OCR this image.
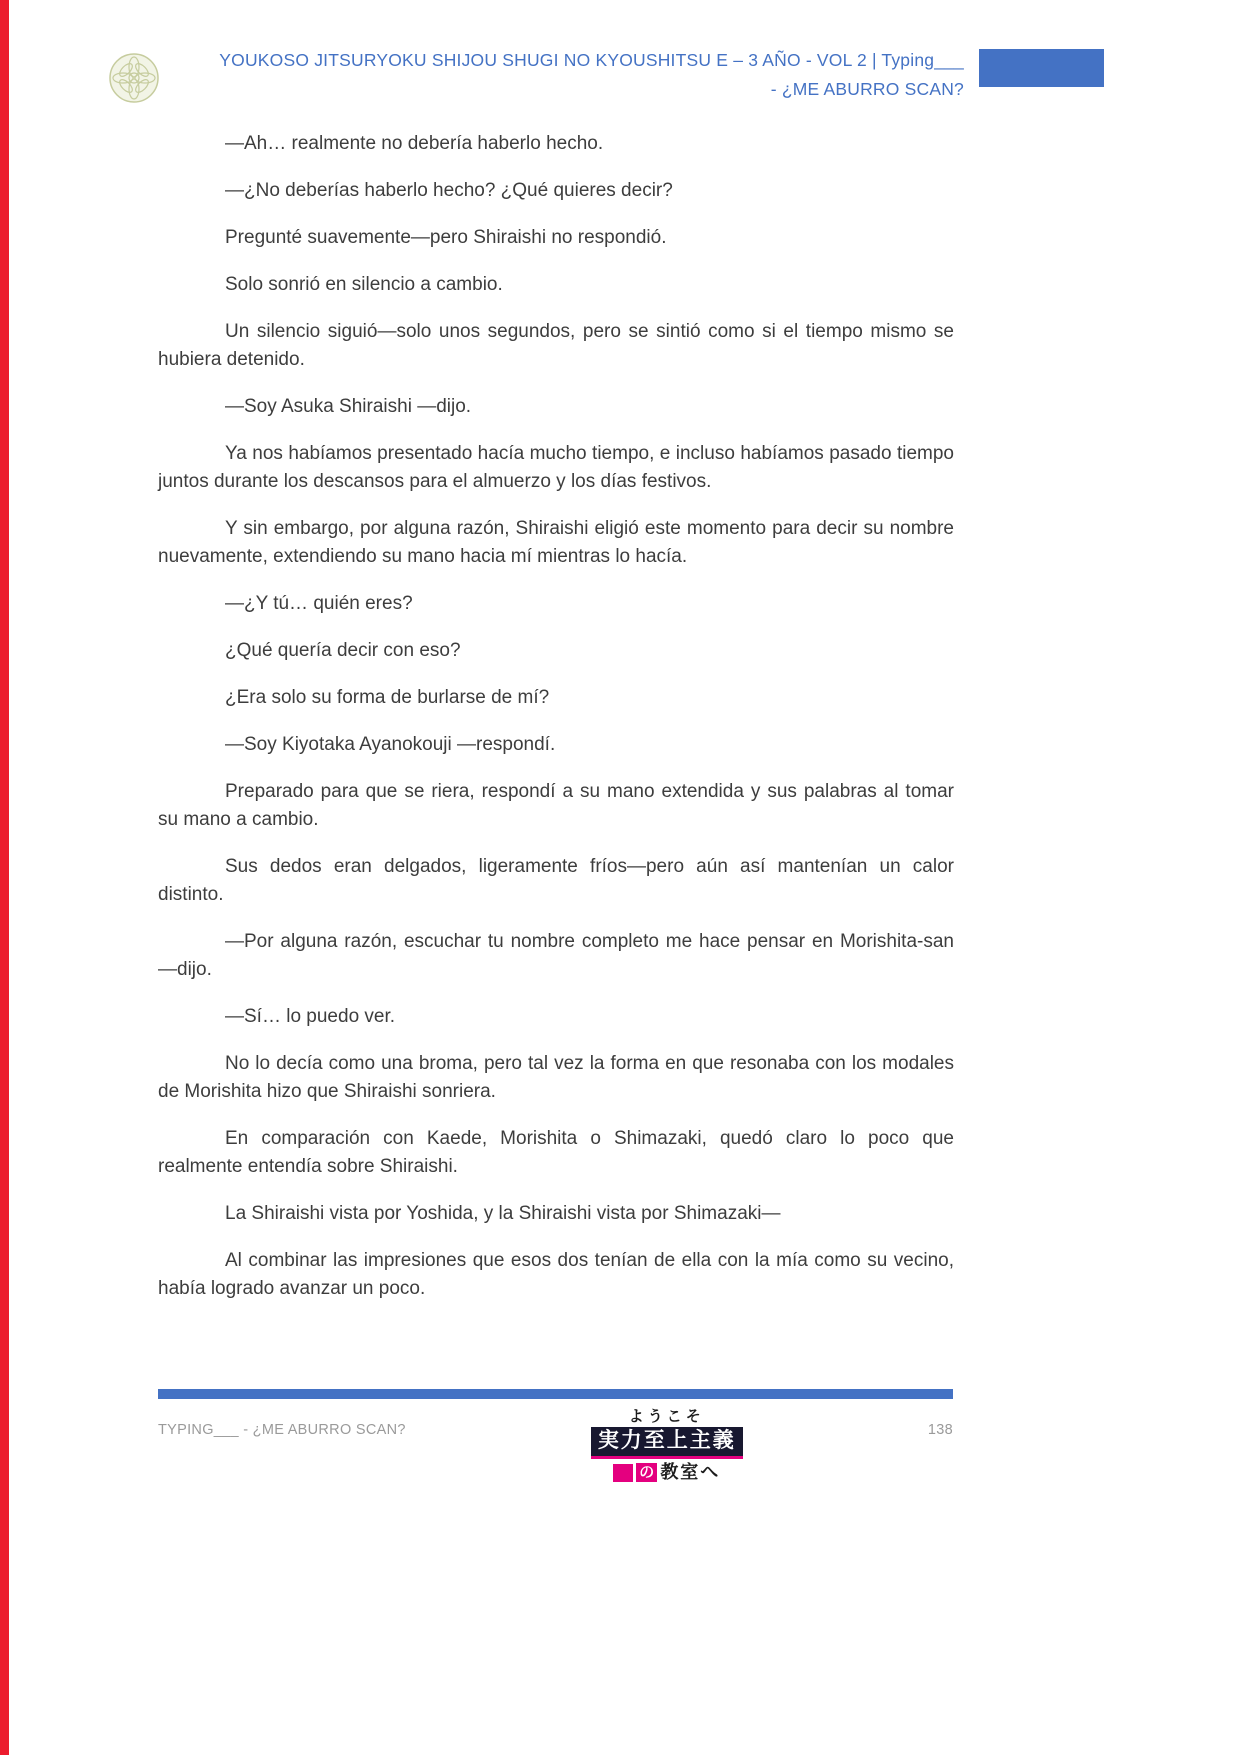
YOUKOSO JITSURYOKU SHIJOU SHUGI NO KYOUSHITSU E – 3 AÑO - VOL 2 | Typing___ - ¿ME ABURRO SCAN?

—Ah… realmente no debería haberlo hecho.

—¿No deberías haberlo hecho? ¿Qué quieres decir?

Pregunté suavemente—pero Shiraishi no respondió.

Solo sonrió en silencio a cambio.

Un silencio siguió—solo unos segundos, pero se sintió como si el tiempo mismo se hubiera detenido.

—Soy Asuka Shiraishi —dijo.

Ya nos habíamos presentado hacía mucho tiempo, e incluso habíamos pasado tiempo juntos durante los descansos para el almuerzo y los días festivos.

Y sin embargo, por alguna razón, Shiraishi eligió este momento para decir su nombre nuevamente, extendiendo su mano hacia mí mientras lo hacía.

—¿Y tú… quién eres?

¿Qué quería decir con eso?

¿Era solo su forma de burlarse de mí?

—Soy Kiyotaka Ayanokouji —respondí.

Preparado para que se riera, respondí a su mano extendida y sus palabras al tomar su mano a cambio.

Sus dedos eran delgados, ligeramente fríos—pero aún así mantenían un calor distinto.

—Por alguna razón, escuchar tu nombre completo me hace pensar en Morishita-san —dijo.

—Sí… lo puedo ver.

No lo decía como una broma, pero tal vez la forma en que resonaba con los modales de Morishita hizo que Shiraishi sonriera.

En comparación con Kaede, Morishita o Shimazaki, quedó claro lo poco que realmente entendía sobre Shiraishi.

La Shiraishi vista por Yoshida, y la Shiraishi vista por Shimazaki—

Al combinar las impresiones que esos dos tenían de ella con la mía como su vecino, había logrado avanzar un poco.

TYPING___ - ¿ME ABURRO SCAN?
ようこそ
実力至上主義
の 教室へ
138
